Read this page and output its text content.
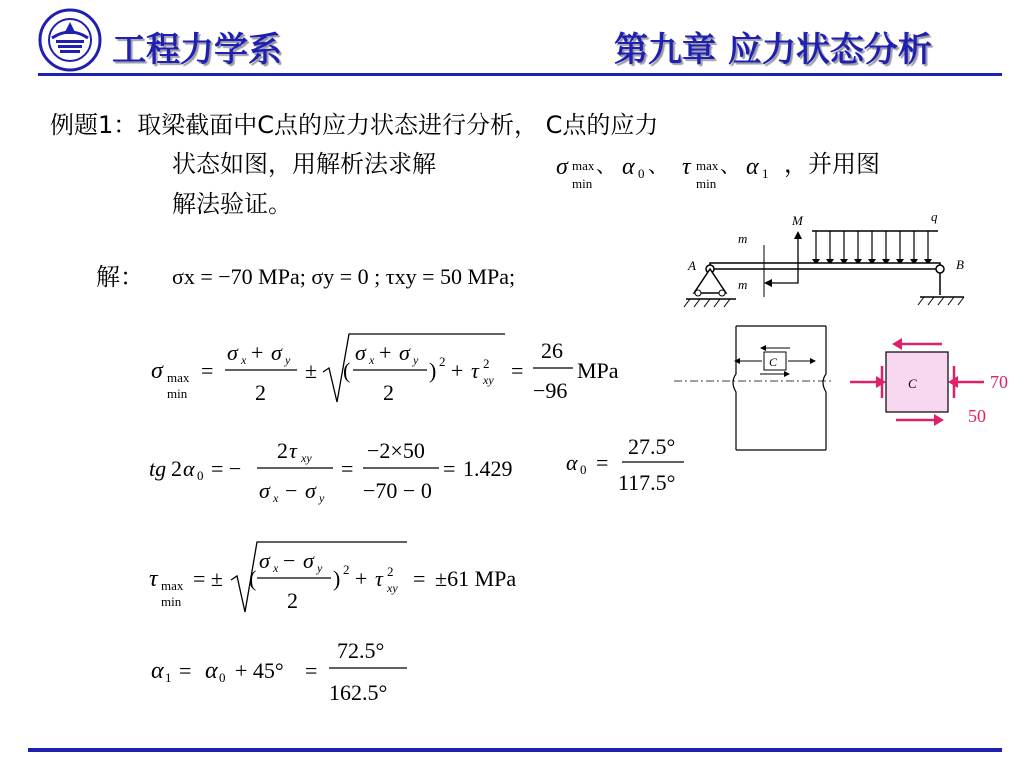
工程力学系	第九章 应力状态分析
例题1：取梁截面中C点的应力状态进行分析， C点的应力
状态如图，用解析法求解	，并用图
解法验证。
σ max
min
、 α 0 、 τ max
min
、 α 1
解： σx = −70 MPa; σy = 0 ; τxy = 50 MPa;
σ max
min
=
σ x + σ y
2
± (
σ x + σ y
2
) 2 + τ 2
xy =
26
−96
MPa
tg 2 α 0 = −
2 τ xy
σ x − σ y
=
−2×50
−70 − 0
= 1.429 α 0 =
27.5°
117.5°
τ max
min
= ± (
σ x − σ y
2
) 2 + τ 2
xy = ±61 MPa
α 1 = α 0 + 45° =
72.5°
162.5°
M	q
m
m
A	B
C
C	70
50
